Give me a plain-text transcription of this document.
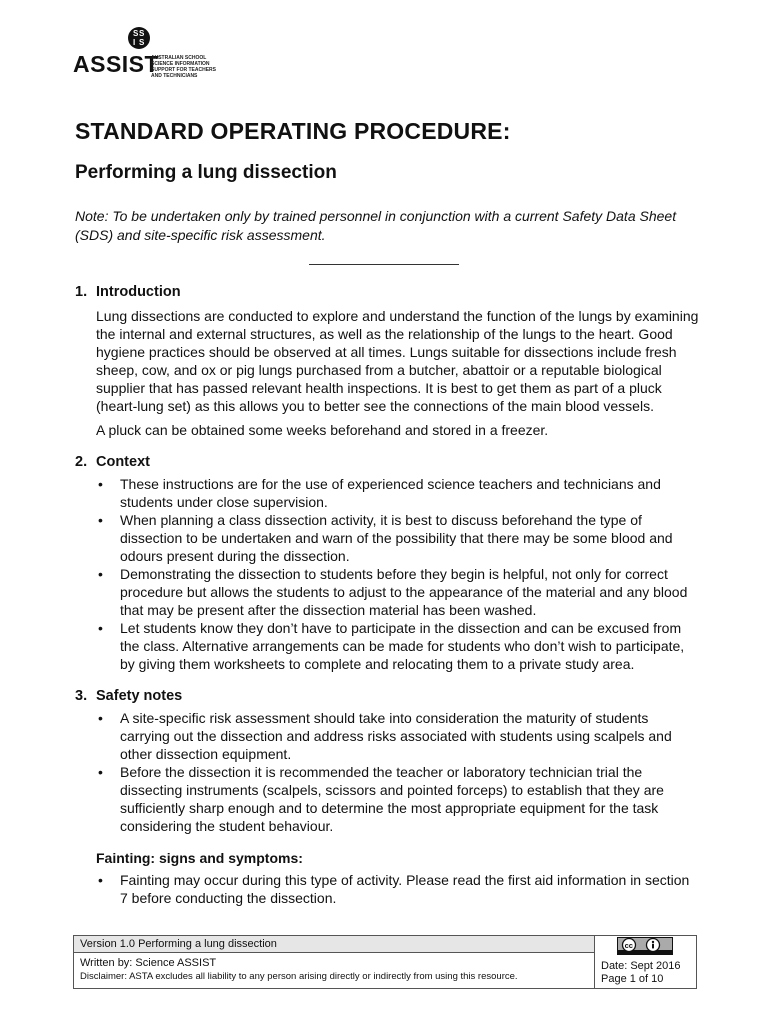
S S
I S
ASSIST
AUSTRALIAN SCHOOL SCIENCE INFORMATION SUPPORT FOR TEACHERS AND TECHNICIANS
STANDARD OPERATING PROCEDURE:
Performing a lung dissection

Note: To be undertaken only by trained personnel in conjunction with a current Safety Data Sheet (SDS) and site-specific risk assessment.

1. Introduction

Lung dissections are conducted to explore and understand the function of the lungs by examining the internal and external structures, as well as the relationship of the lungs to the heart. Good hygiene practices should be observed at all times. Lungs suitable for dissections include fresh sheep, cow, and ox or pig lungs purchased from a butcher, abattoir or a reputable biological supplier that has passed relevant health inspections. It is best to get them as part of a pluck (heart-lung set) as this allows you to better see the connections of the main blood vessels.

A pluck can be obtained some weeks beforehand and stored in a freezer.

2. Context
• These instructions are for the use of experienced science teachers and technicians and students under close supervision.
• When planning a class dissection activity, it is best to discuss beforehand the type of dissection to be undertaken and warn of the possibility that there may be some blood and odours present during the dissection.
• Demonstrating the dissection to students before they begin is helpful, not only for correct procedure but allows the students to adjust to the appearance of the material and any blood that may be present after the dissection material has been washed.
• Let students know they don’t have to participate in the dissection and can be excused from the class. Alternative arrangements can be made for students who don’t wish to participate, by giving them worksheets to complete and relocating them to a private study area.
3. Safety notes
• A site-specific risk assessment should take into consideration the maturity of students carrying out the dissection and address risks associated with students using scalpels and other dissection equipment.
• Before the dissection it is recommended the teacher or laboratory technician trial the dissecting instruments (scalpels, scissors and pointed forceps) to establish that they are sufficiently sharp enough and to determine the most appropriate equipment for the task considering the student behaviour.
Fainting: signs and symptoms:
• Fainting may occur during this type of activity. Please read the first aid information in section 7 before conducting the dissection.
Version 1.0 Performing a lung dissection
Written by: Science ASSIST
Disclaimer: ASTA excludes all liability to any person arising directly or indirectly from using this resource.
cc
Date: Sept 2016
Page 1 of 10
